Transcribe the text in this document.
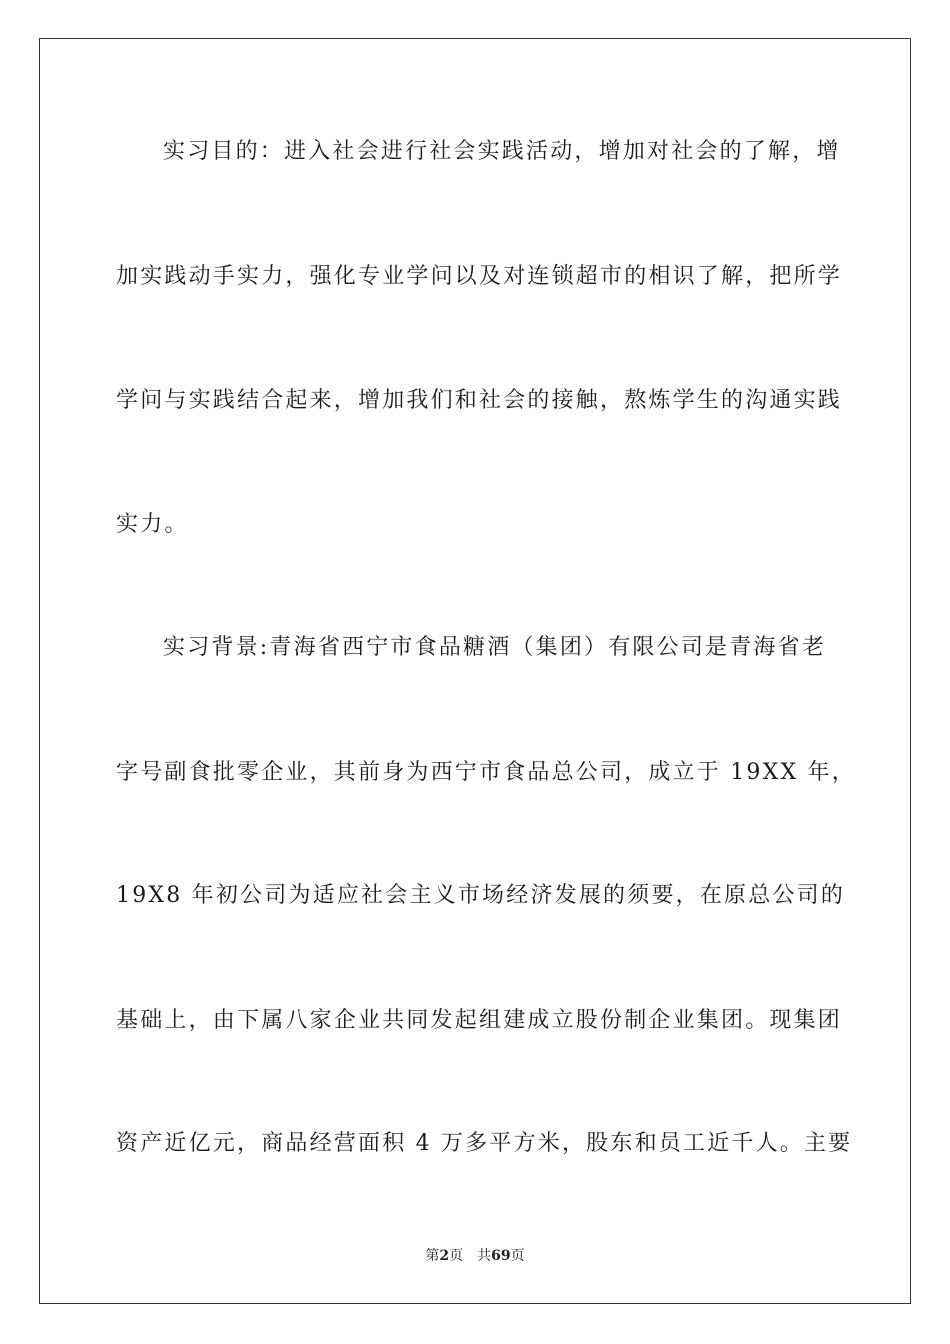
实习目的：进入社会进行社会实践活动，增加对社会的了解，增
加实践动手实力，强化专业学问以及对连锁超市的相识了解，把所学
学问与实践结合起来，增加我们和社会的接触，熬炼学生的沟通实践
实力。
实习背景:青海省西宁市食品糖酒（集团）有限公司是青海省老
字号副食批零企业，其前身为西宁市食品总公司，成立于 19XX 年，
19X8 年初公司为适应社会主义市场经济发展的须要，在原总公司的
基础上，由下属八家企业共同发起组建成立股份制企业集团。现集团
资产近亿元，商品经营面积 4 万多平方米，股东和员工近千人。主要
第2页 共69页
